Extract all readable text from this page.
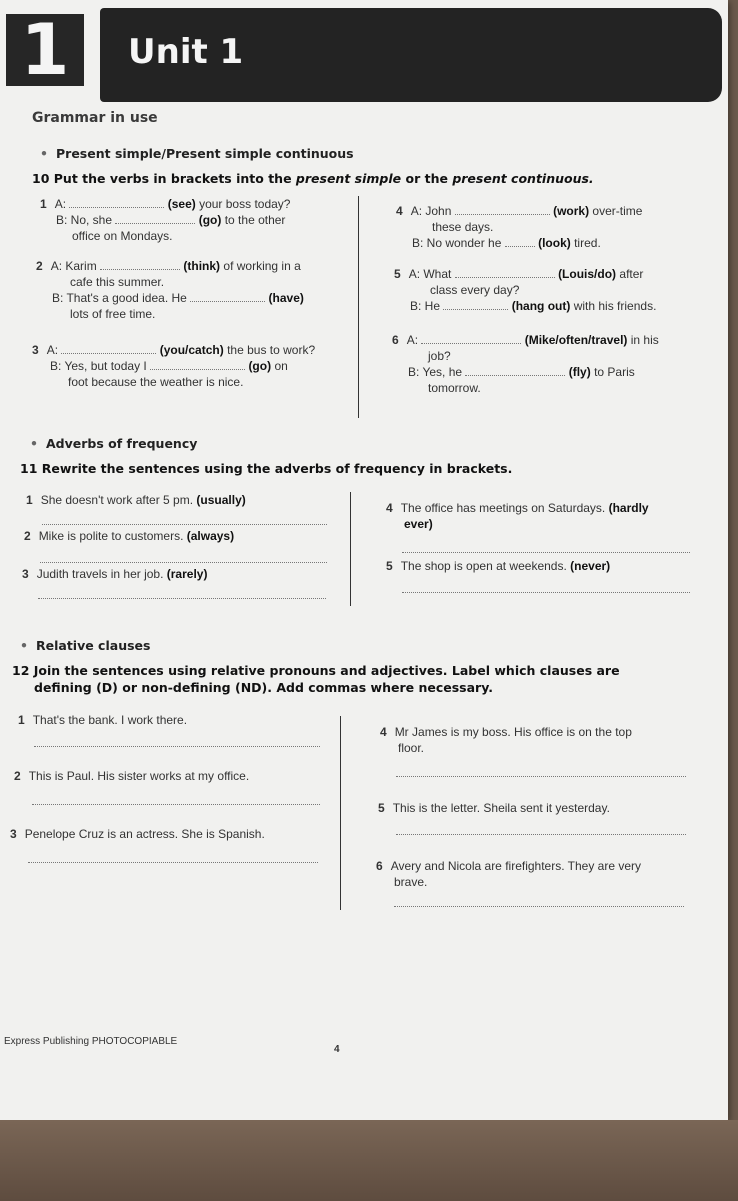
1	Unit 1
Grammar in use
• Present simple/Present simple continuous
10 Put the verbs in brackets into the present simple or the present continuous.
1 A:	(see) your boss today?
B: No, she	(go) to the other
office on Mondays.
2 A: Karim	(think) of working in a
cafe this summer.
B: That's a good idea. He	(have)
lots of free time.
3 A:	(you/catch) the bus to work?
B: Yes, but today I	(go) on
foot because the weather is nice.
4 A: John	(work) over-time
these days.
B: No wonder he	(look) tired.
5 A: What	(Louis/do) after
class every day?
B: He	(hang out) with his friends.
6 A:	(Mike/often/travel) in his
job?
B: Yes, he	(fly) to Paris
tomorrow.
• Adverbs of frequency
11 Rewrite the sentences using the adverbs of frequency in brackets.
1 She doesn't work after 5 pm. (usually)
2 Mike is polite to customers. (always)
3 Judith travels in her job. (rarely)
4 The office has meetings on Saturdays. (hardly
ever)
5 The shop is open at weekends. (never)
• Relative clauses
12 Join the sentences using relative pronouns and adjectives. Label which clauses are
defining (D) or non-defining (ND). Add commas where necessary.
1 That's the bank. I work there.
2 This is Paul. His sister works at my office.
3 Penelope Cruz is an actress. She is Spanish.
4 Mr James is my boss. His office is on the top
floor.
5 This is the letter. Sheila sent it yesterday.
6 Avery and Nicola are firefighters. They are very
brave.
Express Publishing PHOTOCOPIABLE
4
